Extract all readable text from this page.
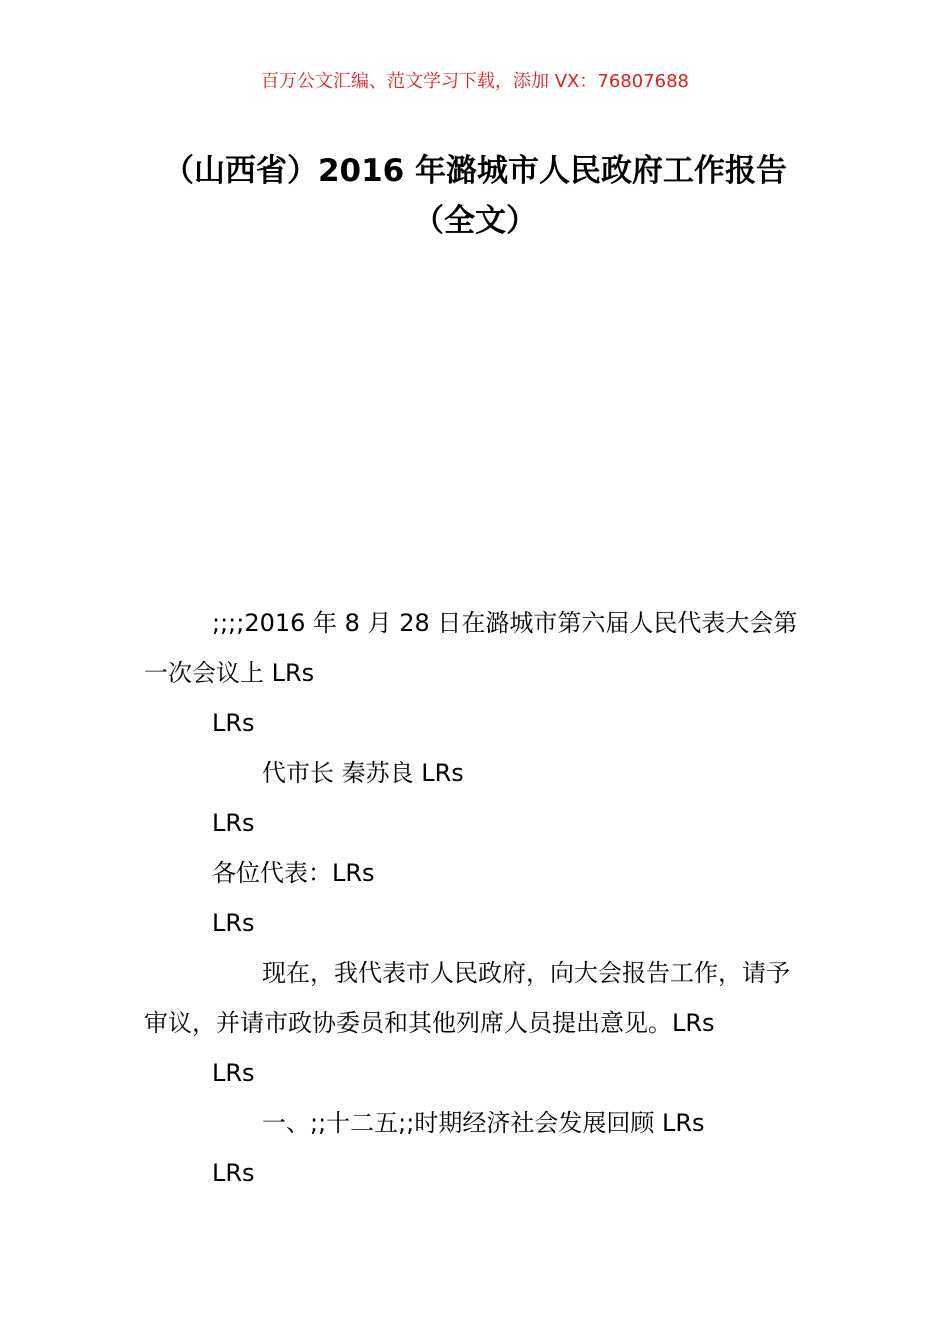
百万公文汇编、范文学习下载，添加 VX：76807688
（山西省）2016 年潞城市人民政府工作报告（全文）

;;;;2016 年 8 月 28 日在潞城市第六届人民代表大会第一次会议上 LRs

LRs

代市长 秦苏良 LRs

LRs

各位代表：LRs

LRs

现在，我代表市人民政府，向大会报告工作，请予审议，并请市政协委员和其他列席人员提出意见。LRs

LRs

一、;;十二五;;时期经济社会发展回顾 LRs

LRs
